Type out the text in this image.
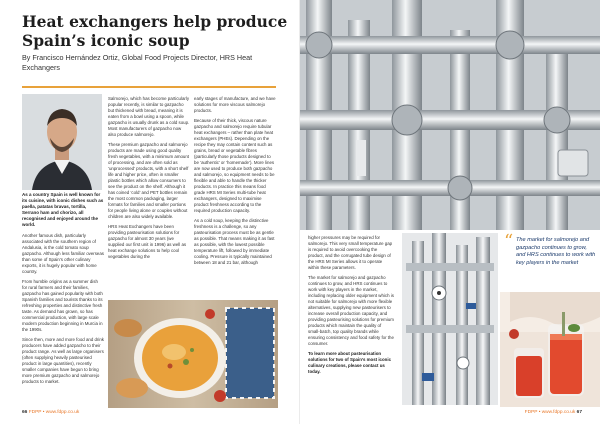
Heat exchangers help produce Spain’s iconic soup
By Francisco Hernández Ortiz, Global Food Projects Director, HRS Heat Exchangers
As a country Spain is well known for its cuisine, with iconic dishes such as paella, patatas bravas, tortilla, Serrano ham and chorizo, all recognised and enjoyed around the world.

Another famous dish, particularly associated with the southern region of Andalusia, is the cold tomato soup gazpacho. Although less familiar overseas than some of Spain’s other culinary exports, it is hugely popular with home country.

From humble origins as a summer dish for rural farmers and their families, gazpacho has gained popularity with both Spanish families and tourists thanks to its refreshing properties and distinctive fresh taste. As demand has grown, so has commercial production, with large scale modern production beginning in Murcia in the 1990s.

Since then, more and more food and drink producers have added gazpacho to their product range. As well as large organisers (often supplying heavily pasteurised product in large quantities), recently smaller companies have begun to bring more premium gazpacho and salmorejo products to market.

Salmorejo, which has become particularly popular recently, is similar to gazpacho but thickened with bread, meaning it is eaten from a bowl using a spoon, while gazpacho is usually drunk as a cold soup. Most manufacturers of gazpacho now also produce salmorejo.

These premium gazpacho and salmorejo products are made using good quality fresh vegetables, with a minimum amount of processing, and are often sold as ‘unprocessed’ products, with a short shelf life and higher price, often in smaller plastic bottles which allow consumers to see the product on the shelf. Although it has coined ‘cold’ and PET bottles remain the most common packaging, larger formats for families and smaller portions for people living alone or couples without children are also widely available.

HRS Heat Exchangers have been providing pasteurisation solutions for gazpacho for almost 30 years (we supplied our first unit in 1996) as well as heat exchange solutions to help cool vegetables during the

early stages of manufacture, and we have solutions for more viscous salmorejo products.

Because of their thick, viscous nature gazpacho and salmorejo require tubular heat exchangers – rather than plate heat exchangers (PHEs). Depending on the recipe they may contain content such as grains, bread or vegetable fibres (particularly those products designed to be ‘authentic’ or ‘homemade’). More lines are now used to produce both gazpacho and salmorejo, so equipment needs to be flexible and able to handle the thicker products. In practice this means food grade HRS MI Series multi-tube heat exchangers, designed to maximise product freshness according to the required production capacity.

As a cold soup, keeping the distinctive freshness is a challenge, so any pasteurisation process must be as gentle as possible. That means making it as fast as possible, with the lowest possible temperature lift, followed by immediate cooling. Pressure is typically maintained between 18 and 21 bar, although

66 FDPP • www.fdpp.co.uk

higher pressures may be required for salmorejo. This very small temperature gap is required to avoid overcooking the product, and the corrugated tube design of the HRS MI Series allows it to operate within these parameters.

The market for salmorejo and gazpacho continues to grow, and HRS continues to work with key players in the market, including replacing older equipment which is not suitable for salmorejo with more flexible alternatives, supplying new pasteurisers to increase overall production capacity, and providing pasteurising solutions for premium products which maintain the quality of small-batch, top quality brands while ensuring consistency and food safety for the consumer.

To learn more about pasteurisation solutions for two of Spain’s most iconic culinary creations, please contact us today.

“ The market for salmorejo and gazpacho continues to grow, and HRS continues to work with key players in the market
FDPP • www.fdpp.co.uk 67
